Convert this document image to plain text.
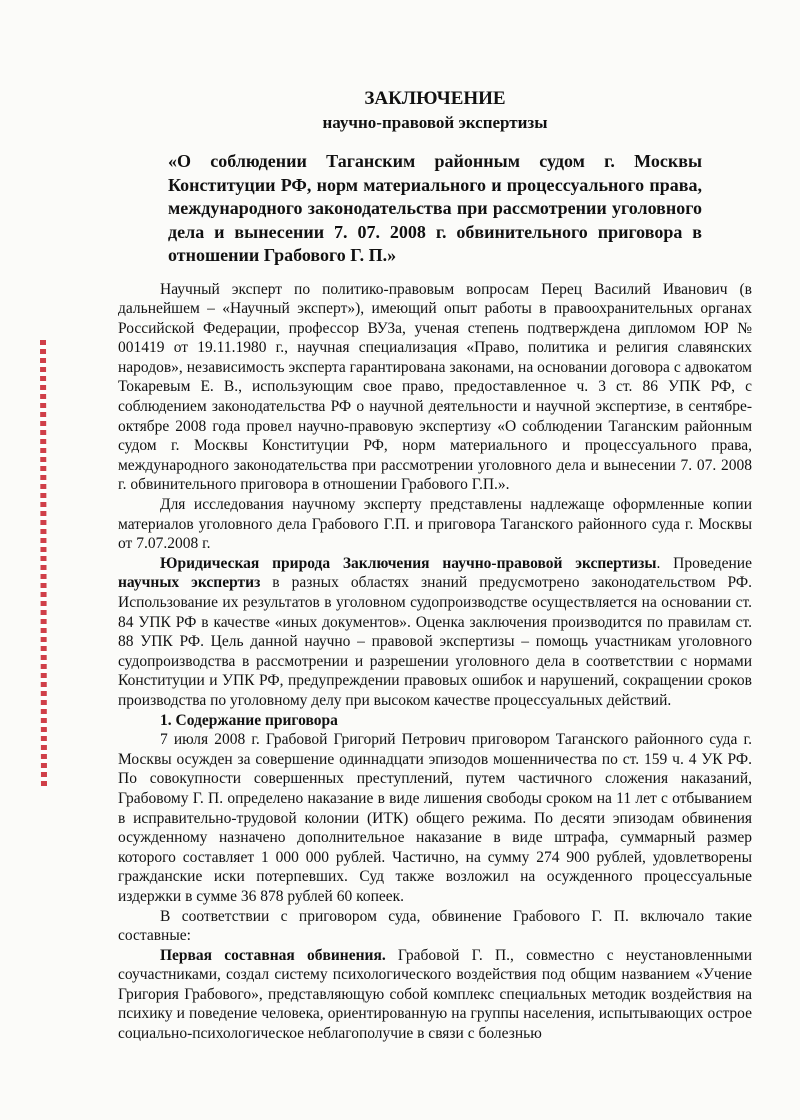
ЗАКЛЮЧЕНИЕ
научно-правовой экспертизы

«О соблюдении Таганским районным судом г. Москвы Конституции РФ, норм материального и процессуального права, международного законодательства при рассмотрении уголовного дела и вынесении 7. 07. 2008 г. обвинительного приговора в отношении Грабового Г. П.»

Научный эксперт по политико-правовым вопросам Перец Василий Иванович (в дальнейшем – «Научный эксперт»), имеющий опыт работы в правоохранительных органах Российской Федерации, профессор ВУЗа, ученая степень подтверждена дипломом ЮР № 001419 от 19.11.1980 г., научная специализация «Право, политика и религия славянских народов», независимость эксперта гарантирована законами, на основании договора с адвокатом Токаревым Е. В., использующим свое право, предоставленное ч. 3 ст. 86 УПК РФ, с соблюдением законодательства РФ о научной деятельности и научной экспертизе, в сентябре-октябре 2008 года провел научно-правовую экспертизу «О соблюдении Таганским районным судом г. Москвы Конституции РФ, норм материального и процессуального права, международного законодательства при рассмотрении уголовного дела и вынесении 7. 07. 2008 г. обвинительного приговора в отношении Грабового Г.П.».

Для исследования научному эксперту представлены надлежаще оформленные копии материалов уголовного дела Грабового Г.П. и приговора Таганского районного суда г. Москвы от 7.07.2008 г.

Юридическая природа Заключения научно-правовой экспертизы. Проведение научных экспертиз в разных областях знаний предусмотрено законодательством РФ. Использование их результатов в уголовном судопроизводстве осуществляется на основании ст. 84 УПК РФ в качестве «иных документов». Оценка заключения производится по правилам ст. 88 УПК РФ. Цель данной научно – правовой экспертизы – помощь участникам уголовного судопроизводства в рассмотрении и разрешении уголовного дела в соответствии с нормами Конституции и УПК РФ, предупреждении правовых ошибок и нарушений, сокращении сроков производства по уголовному делу при высоком качестве процессуальных действий.

1. Содержание приговора

7 июля 2008 г. Грабовой Григорий Петрович приговором Таганского районного суда г. Москвы осужден за совершение одиннадцати эпизодов мошенничества по ст. 159 ч. 4 УК РФ. По совокупности совершенных преступлений, путем частичного сложения наказаний, Грабовому Г. П. определено наказание в виде лишения свободы сроком на 11 лет с отбыванием в исправительно-трудовой колонии (ИТК) общего режима. По десяти эпизодам обвинения осужденному назначено дополнительное наказание в виде штрафа, суммарный размер которого составляет 1 000 000 рублей. Частично, на сумму 274 900 рублей, удовлетворены гражданские иски потерпевших. Суд также возложил на осужденного процессуальные издержки в сумме 36 878 рублей 60 копеек.

В соответствии с приговором суда, обвинение Грабового Г. П. включало такие составные:

Первая составная обвинения. Грабовой Г. П., совместно с неустановленными соучастниками, создал систему психологического воздействия под общим названием «Учение Григория Грабового», представляющую собой комплекс специальных методик воздействия на психику и поведение человека, ориентированную на группы населения, испытывающих острое социально-психологическое неблагополучие в связи с болезнью
